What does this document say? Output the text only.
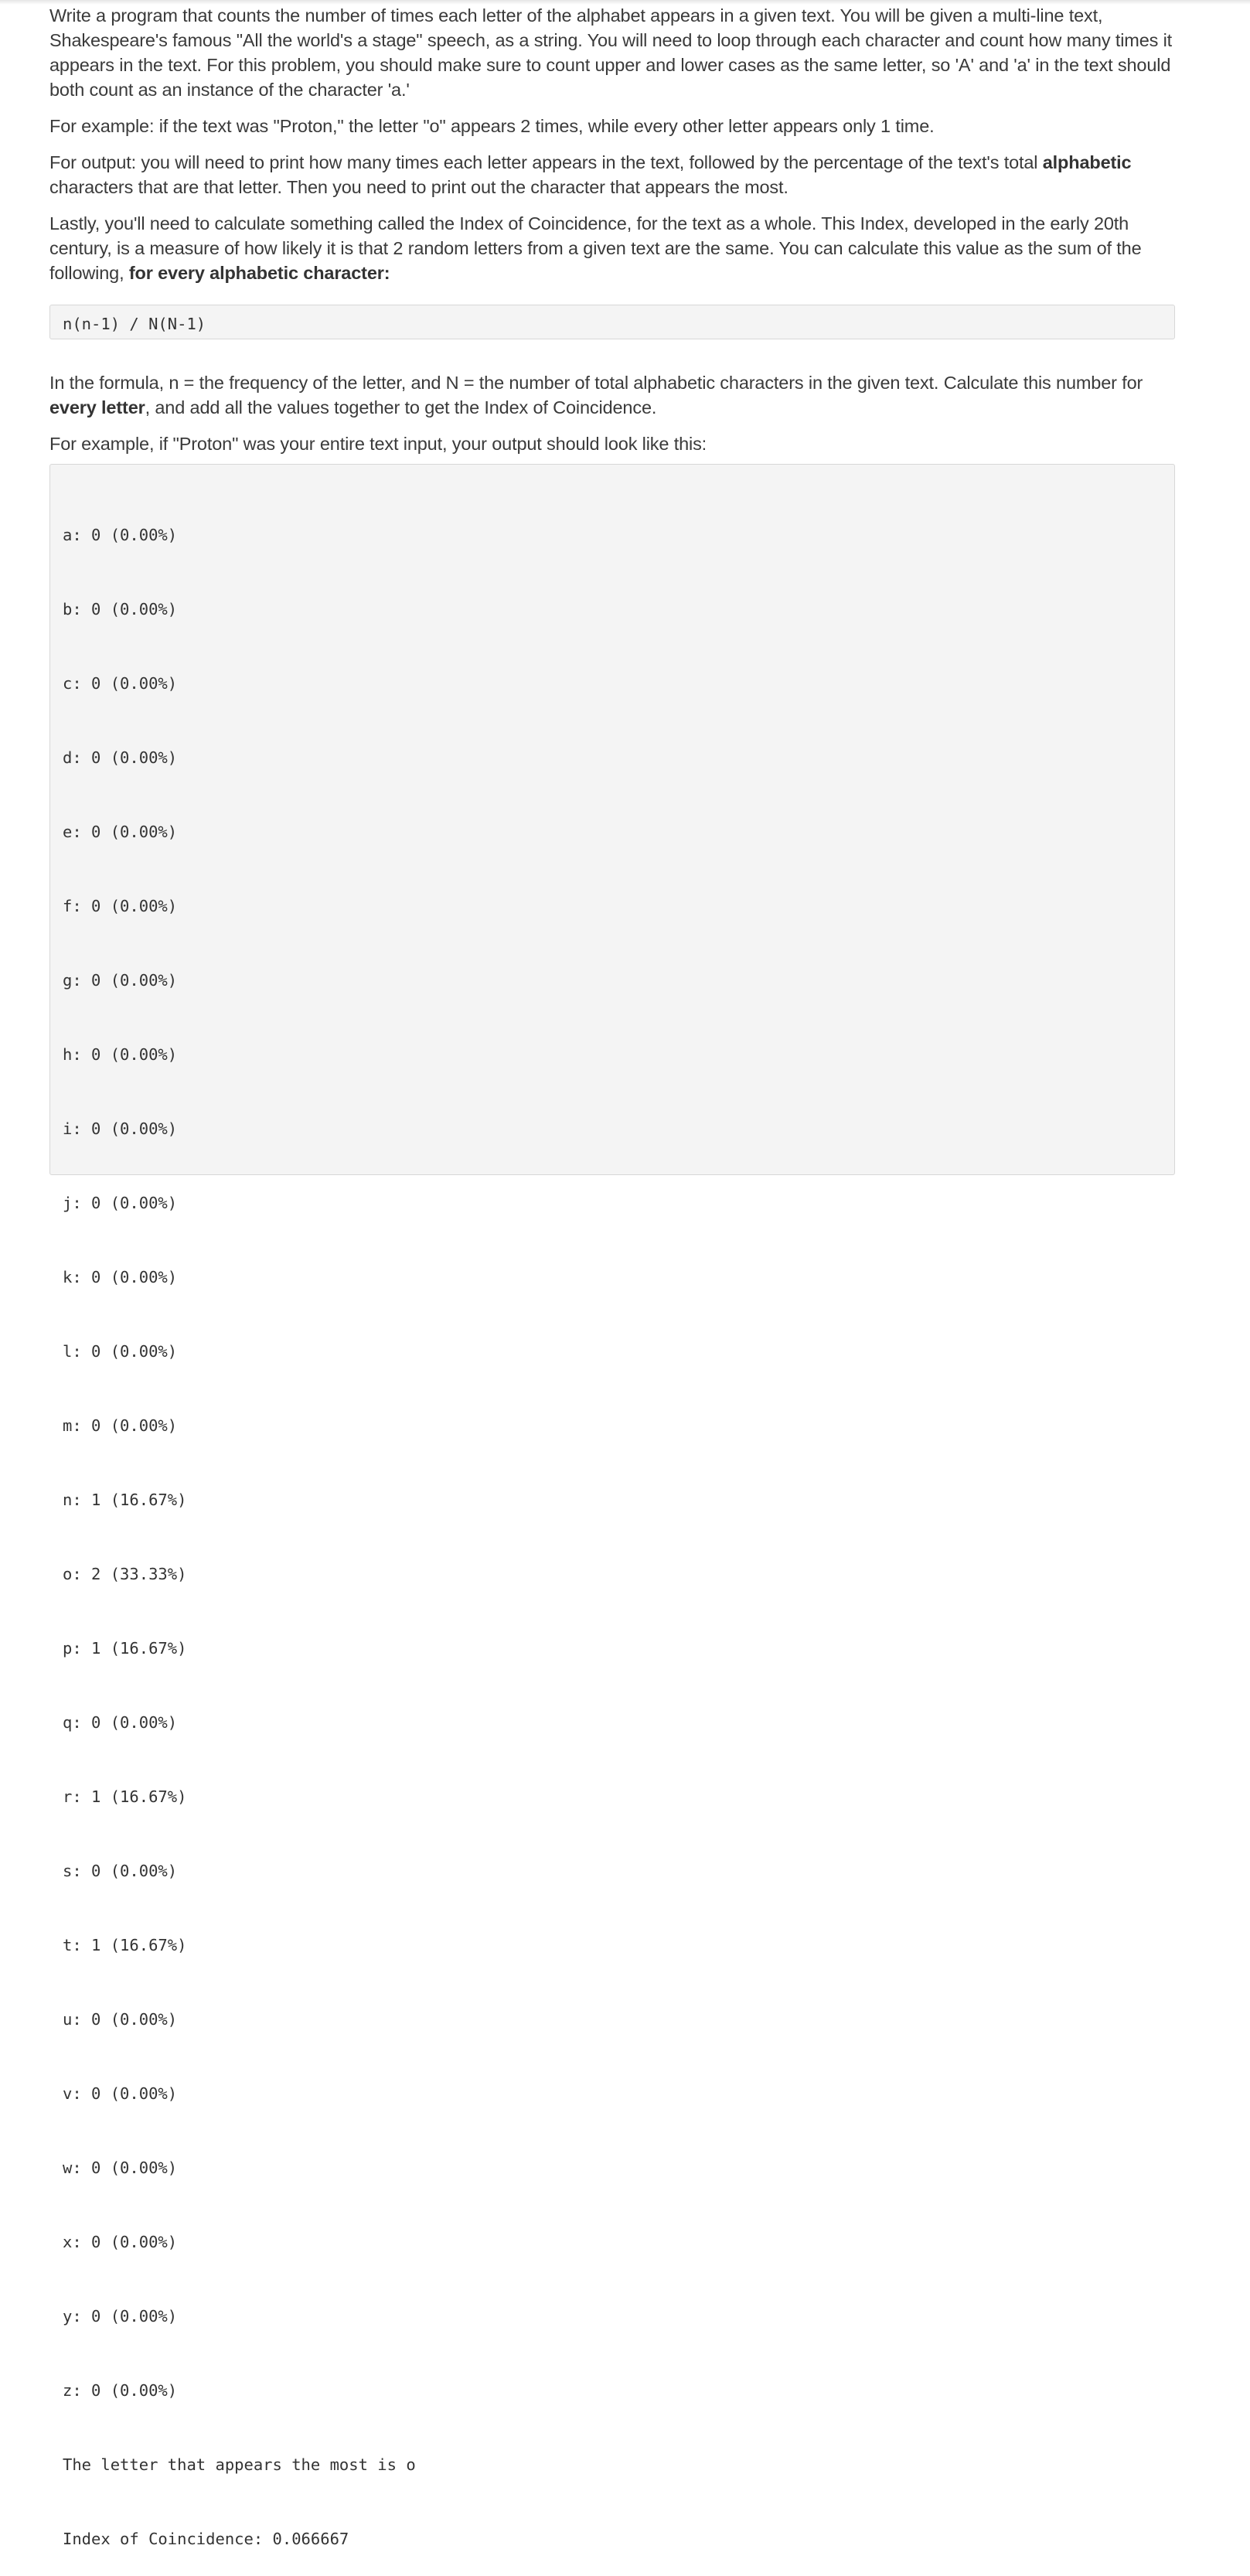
Write a program that counts the number of times each letter of the alphabet appears in a given text. You will be given a multi-line text, Shakespeare's famous "All the world's a stage" speech, as a string. You will need to loop through each character and count how many times it appears in the text. For this problem, you should make sure to count upper and lower cases as the same letter, so 'A' and 'a' in the text should both count as an instance of the character 'a.'

For example: if the text was "Proton," the letter "o" appears 2 times, while every other letter appears only 1 time.

For output: you will need to print how many times each letter appears in the text, followed by the percentage of the text's total alphabetic characters that are that letter. Then you need to print out the character that appears the most.

Lastly, you'll need to calculate something called the Index of Coincidence, for the text as a whole. This Index, developed in the early 20th century, is a measure of how likely it is that 2 random letters from a given text are the same. You can calculate this value as the sum of the following, for every alphabetic character:

n(n-1) / N(N-1)

In the formula, n = the frequency of the letter, and N = the number of total alphabetic characters in the given text. Calculate this number for every letter, and add all the values together to get the Index of Coincidence.

For example, if "Proton" was your entire text input, your output should look like this:

a: 0 (0.00%)

b: 0 (0.00%)

c: 0 (0.00%)

d: 0 (0.00%)

e: 0 (0.00%)

f: 0 (0.00%)

g: 0 (0.00%)

h: 0 (0.00%)

i: 0 (0.00%)

j: 0 (0.00%)

k: 0 (0.00%)

l: 0 (0.00%)

m: 0 (0.00%)

n: 1 (16.67%)

o: 2 (33.33%)

p: 1 (16.67%)

q: 0 (0.00%)

r: 1 (16.67%)

s: 0 (0.00%)

t: 1 (16.67%)

u: 0 (0.00%)

v: 0 (0.00%)

w: 0 (0.00%)

x: 0 (0.00%)

y: 0 (0.00%)

z: 0 (0.00%)

The letter that appears the most is o

Index of Coincidence: 0.066667
